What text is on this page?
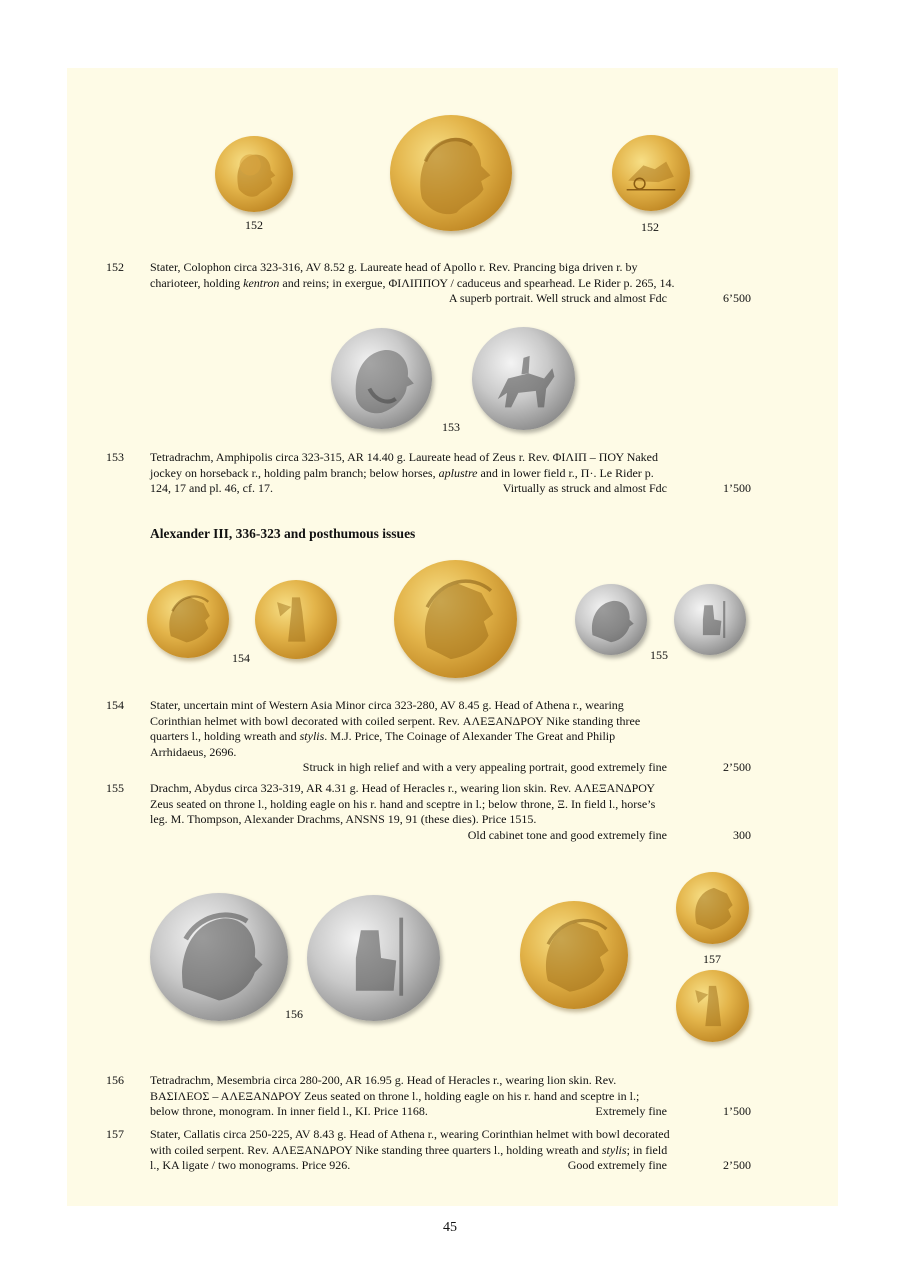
152	152
152 Stater, Colophon circa 323-316, AV 8.52 g. Laureate head of Apollo r. Rev. Prancing biga driven r. by
charioteer, holding kentron and reins; in exergue, ΦΙΛΙΠΠΟΥ / caduceus and spearhead. Le Rider p. 265, 14.
A superb portrait. Well struck and almost Fdc	6’500
153
153 Tetradrachm, Amphipolis circa 323-315, AR 14.40 g. Laureate head of Zeus r. Rev. ΦΙΛΙΠ – ΠΟΥ Naked
jockey on horseback r., holding palm branch; below horses, aplustre and in lower field r., Π·. Le Rider p.
124, 17 and pl. 46, cf. 17.	Virtually as struck and almost Fdc	1’500
Alexander III, 336-323 and posthumous issues
154	155
154 Stater, uncertain mint of Western Asia Minor circa 323-280, AV 8.45 g. Head of Athena r., wearing
Corinthian helmet with bowl decorated with coiled serpent. Rev. ΑΛΕΞΑΝΔΡΟΥ Nike standing three
quarters l., holding wreath and stylis. M.J. Price, The Coinage of Alexander The Great and Philip
Arrhidaeus, 2696.
Struck in high relief and with a very appealing portrait, good extremely fine	2’500
155 Drachm, Abydus circa 323-319, AR 4.31 g. Head of Heracles r., wearing lion skin. Rev. ΑΛΕΞΑΝΔΡΟΥ
Zeus seated on throne l., holding eagle on his r. hand and sceptre in l.; below throne, Ξ. In field l., horse’s
leg. M. Thompson, Alexander Drachms, ANSNS 19, 91 (these dies). Price 1515.
Old cabinet tone and good extremely fine	300
156
157
156 Tetradrachm, Mesembria circa 280-200, AR 16.95 g. Head of Heracles r., wearing lion skin. Rev.
ΒΑΣΙΛΕΟΣ – ΑΛΕΞΑΝΔΡΟΥ Zeus seated on throne l., holding eagle on his r. hand and sceptre in l.;
below throne, monogram. In inner field l., ΚΙ. Price 1168.	Extremely fine	1’500
157 Stater, Callatis circa 250-225, AV 8.43 g. Head of Athena r., wearing Corinthian helmet with bowl decorated
with coiled serpent. Rev. ΑΛΕΞΑΝΔΡΟΥ Nike standing three quarters l., holding wreath and stylis; in field
l., ΚΑ ligate / two monograms. Price 926.	Good extremely fine	2’500
45
